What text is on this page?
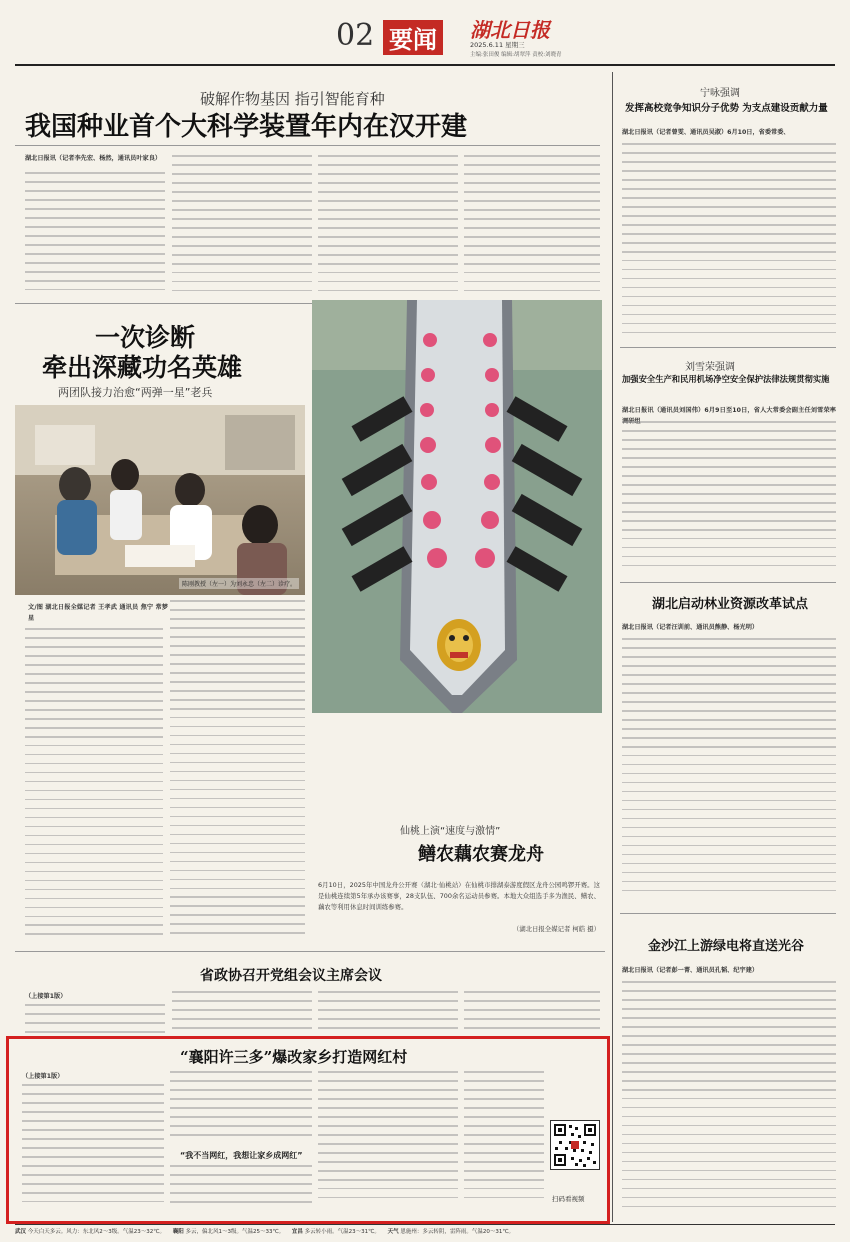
02 要闻	湖北日报
2025.6.11 星期三
主编:张田俊 编辑:胡翠萍 责校:刘晓青
破解作物基因 指引智能育种
我国种业首个大科学装置年内在汉开建
湖北日报讯（记者李先宏、杨然，通讯员叶家良）
宁咏强调
发挥高校竞争知识分子优势 为支点建设贡献力量
湖北日报讯（记者曾雯、通讯员吴淑）6月10日，省委常委、
刘雪荣强调
加强安全生产和民用机场净空安全保护法律法规贯彻实施
湖北日报讯（通讯员刘国伟）6月9日至10日，省人大常委会副主任刘雪荣率
湖北启动林业资源改革试点
湖北日报讯（记者汪训前、通讯员熊静、杨光明）
金沙江上游绿电将直送光谷
湖北日报讯（记者彭一菁、通讯员孔韬、纪宇建）
一次诊断
牵出深藏功名英雄
两团队接力治愈“两弹一星”老兵
陈刚教授（左一）为刘永忠（左二）诊疗。
文/图 湖北日报全媒记者 王孝武 通讯员 焦宁 常梦星
仙桃上演“速度与激情”
鳝农藕农赛龙舟
6月10日，2025年中国龙舟公开赛（湖北·仙桃站）在仙桃市排湖泰游度假区龙舟公园鸣锣开赛。这是仙桃连续第5年承办该赛事，28支队伍、700余名运动员参赛。本地大众组选手多为渔民、鳝农、藕农等利用休息时间训练参赛。
（湖北日报全媒记者 柯皓 摄）
省政协召开党组会议主席会议
（上接第1版）
“襄阳许三多”爆改家乡打造网红村
（上接第1版）
“我不当网红，我想让家乡成网红”
扫码看视频
武汉 今天白天多云。风力：东北风2～3级。气温23～32℃。 襄阳 多云，偏北风1～3级。气温25～33℃。 宜昌 多云转小雨。气温23～31℃。 天气 恩施州：多云转阴，雷阵雨。气温20～31℃。
